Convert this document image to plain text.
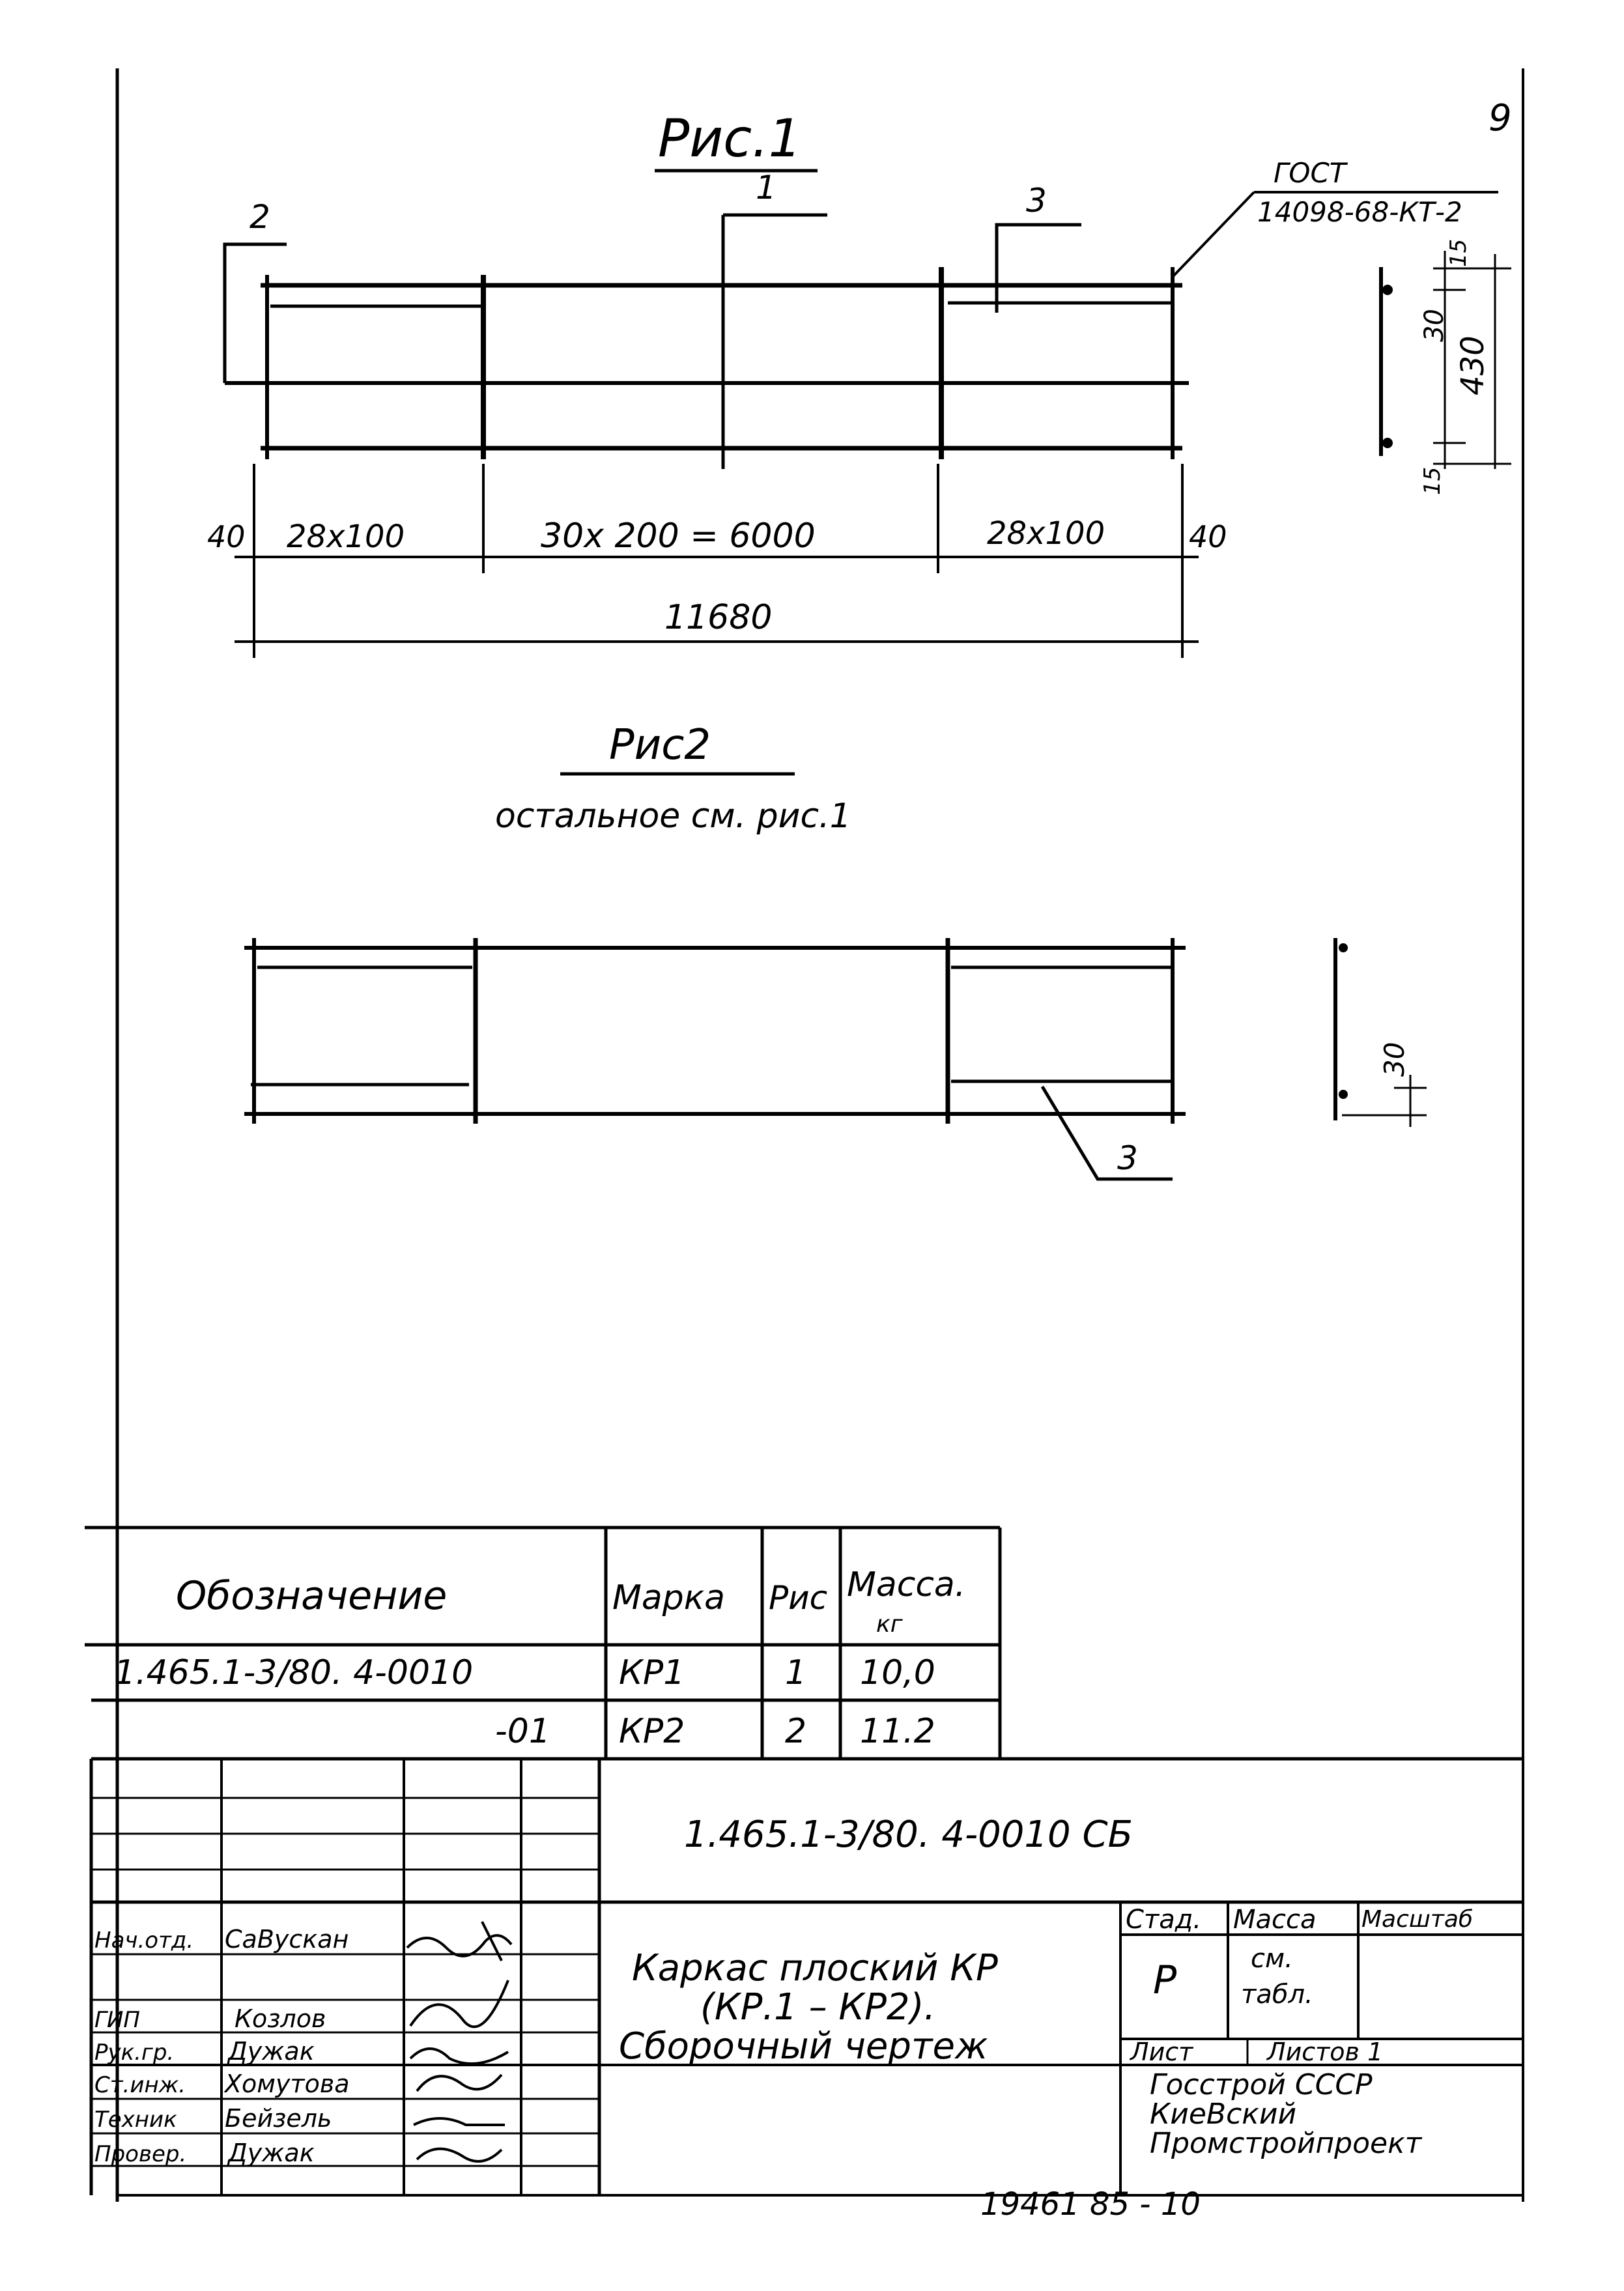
9
Рис.1
2
1	3
ГОСТ
14098-68-КТ-2
40 28x100	30x 200 = 6000	28x100	40
11680
15
30
430
15
Рис2
остальное см. рис.1
3
30
Обозначение	Марка Рис Масса.
кг
1.465.1-3/80. 4-0010	КР1	1 10,0
-01 КР2	2 11.2
1.465.1-3/80. 4-0010 СБ
Каркас плоский КР
(КР.1 – КР2).
Сборочный чертеж
Стад. Масса Масштаб
Р	см.
табл.
Лист	Листов 1
Госстрой СССР
КиеВский
Промстройпроект
Нач.отд. СаВускан
ГИП	Козлов
Рук.гр. Дужак
Ст.инж. Хомутова
Техник Бейзель
Провер. Дужак
19461 85 - 10
